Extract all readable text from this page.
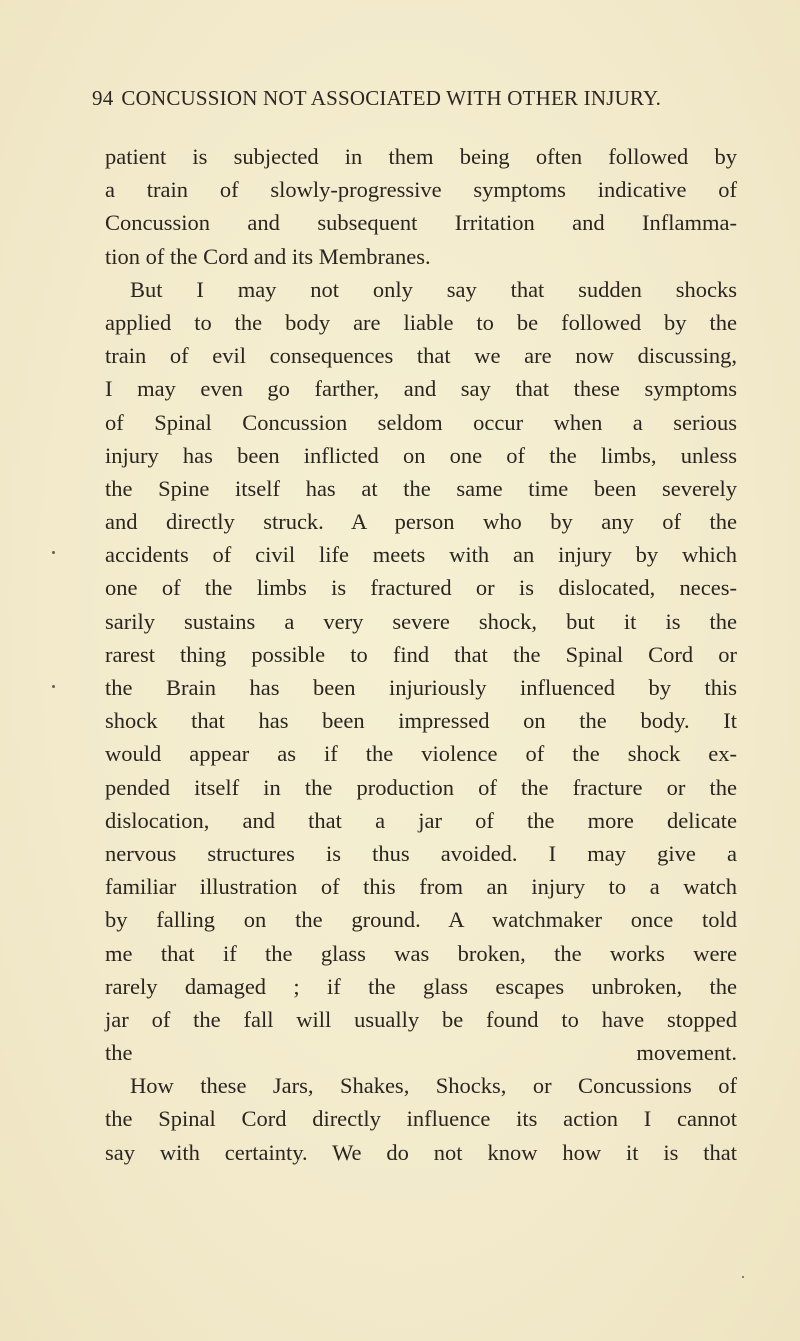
94 CONCUSSION NOT ASSOCIATED WITH OTHER INJURY.
patient is subjected in them being often followed by
a train of slowly-progressive symptoms indicative of
Concussion and subsequent Irritation and Inflamma-
tion of the Cord and its Membranes.
But I may not only say that sudden shocks
applied to the body are liable to be followed by the
train of evil consequences that we are now discussing,
I may even go farther, and say that these symptoms
of Spinal Concussion seldom occur when a serious
injury has been inflicted on one of the limbs, unless
the Spine itself has at the same time been severely
and directly struck. A person who by any of the
accidents of civil life meets with an injury by which
one of the limbs is fractured or is dislocated, neces-
sarily sustains a very severe shock, but it is the
rarest thing possible to find that the Spinal Cord or
the Brain has been injuriously influenced by this
shock that has been impressed on the body. It
would appear as if the violence of the shock ex-
pended itself in the production of the fracture or the
dislocation, and that a jar of the more delicate
nervous structures is thus avoided. I may give a
familiar illustration of this from an injury to a watch
by falling on the ground. A watchmaker once told
me that if the glass was broken, the works were
rarely damaged ; if the glass escapes unbroken, the
jar of the fall will usually be found to have stopped
the movement.
How these Jars, Shakes, Shocks, or Concussions of
the Spinal Cord directly influence its action I cannot
say with certainty. We do not know how it is that
